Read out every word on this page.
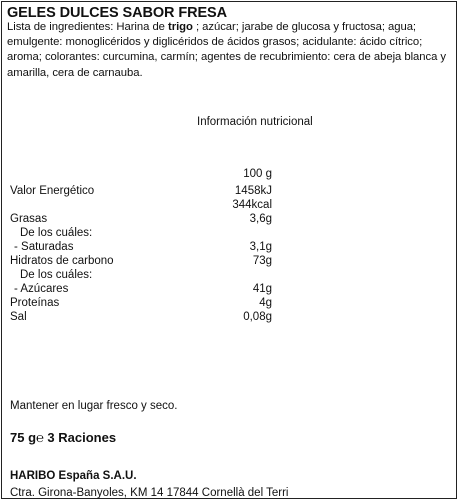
GELES DULCES SABOR FRESA
Lista de ingredientes: Harina de trigo ; azúcar; jarabe de glucosa y fructosa; agua; emulgente: monoglicéridos y diglicéridos de ácidos grasos; acidulante: ácido cítrico; aroma; colorantes: curcumina, carmín; agentes de recubrimiento: cera de abeja blanca y amarilla, cera de carnauba.
Información nutricional
100 g
Valor Energético	1458kJ
344kcal
Grasas	3,6g
De los cuáles:
- Saturadas	3,1g
Hidratos de carbono	73g
De los cuáles:
- Azúcares	41g
Proteínas	4g
Sal	0,08g
Mantener en lugar fresco y seco.
75 g℮ 3 Raciones
HARIBO España S.A.U.
Ctra. Girona-Banyoles, KM 14 17844 Cornellà del Terri
